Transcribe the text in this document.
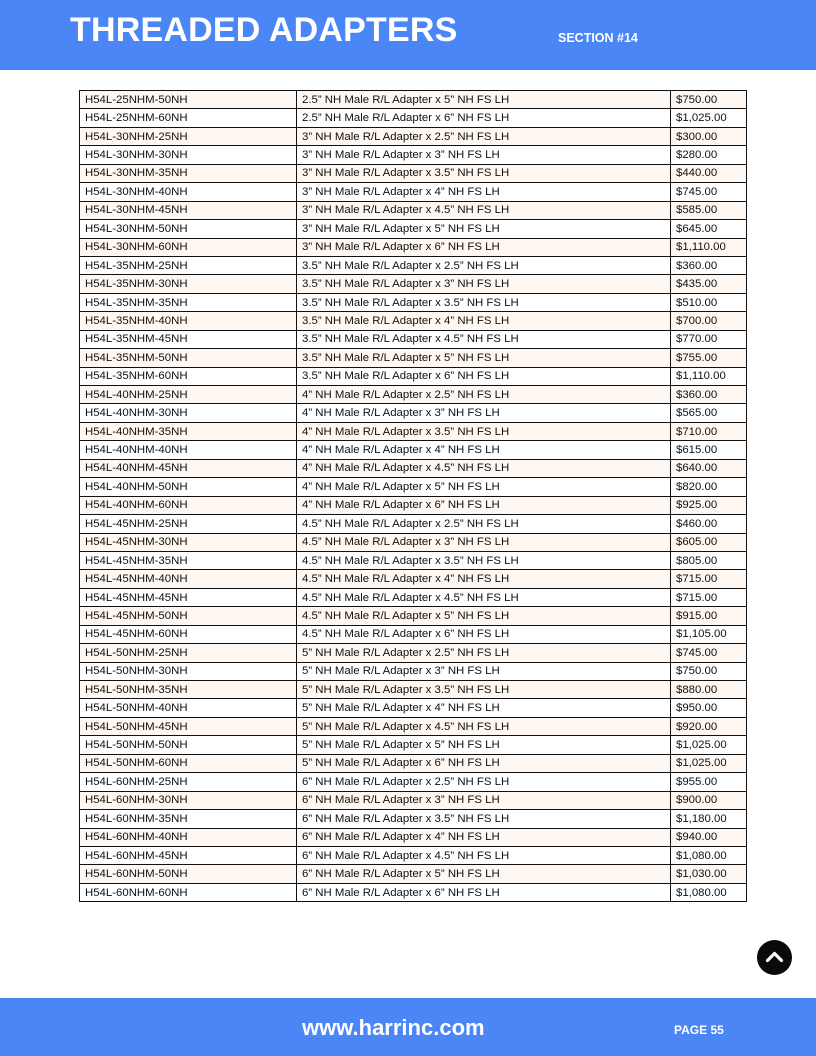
THREADED ADAPTERS	SECTION #14
H54L-25NHM-50NH	2.5” NH Male R/L Adapter x 5” NH FS LH	$750.00
H54L-25NHM-60NH	2.5” NH Male R/L Adapter x 6” NH FS LH	$1,025.00
H54L-30NHM-25NH	3” NH Male R/L Adapter x 2.5” NH FS LH	$300.00
H54L-30NHM-30NH	3” NH Male R/L Adapter x 3” NH FS LH	$280.00
H54L-30NHM-35NH	3” NH Male R/L Adapter x 3.5” NH FS LH	$440.00
H54L-30NHM-40NH	3” NH Male R/L Adapter x 4” NH FS LH	$745.00
H54L-30NHM-45NH	3” NH Male R/L Adapter x 4.5” NH FS LH	$585.00
H54L-30NHM-50NH	3” NH Male R/L Adapter x 5” NH FS LH	$645.00
H54L-30NHM-60NH	3” NH Male R/L Adapter x 6” NH FS LH	$1,110.00
H54L-35NHM-25NH	3.5” NH Male R/L Adapter x 2.5” NH FS LH	$360.00
H54L-35NHM-30NH	3.5” NH Male R/L Adapter x 3” NH FS LH	$435.00
H54L-35NHM-35NH	3.5” NH Male R/L Adapter x 3.5” NH FS LH	$510.00
H54L-35NHM-40NH	3.5” NH Male R/L Adapter x 4” NH FS LH	$700.00
H54L-35NHM-45NH	3.5” NH Male R/L Adapter x 4.5” NH FS LH	$770.00
H54L-35NHM-50NH	3.5” NH Male R/L Adapter x 5” NH FS LH	$755.00
H54L-35NHM-60NH	3.5” NH Male R/L Adapter x 6” NH FS LH	$1,110.00
H54L-40NHM-25NH	4” NH Male R/L Adapter x 2.5” NH FS LH	$360.00
H54L-40NHM-30NH	4” NH Male R/L Adapter x 3” NH FS LH	$565.00
H54L-40NHM-35NH	4” NH Male R/L Adapter x 3.5” NH FS LH	$710.00
H54L-40NHM-40NH	4” NH Male R/L Adapter x 4” NH FS LH	$615.00
H54L-40NHM-45NH	4” NH Male R/L Adapter x 4.5” NH FS LH	$640.00
H54L-40NHM-50NH	4” NH Male R/L Adapter x 5” NH FS LH	$820.00
H54L-40NHM-60NH	4” NH Male R/L Adapter x 6” NH FS LH	$925.00
H54L-45NHM-25NH	4.5” NH Male R/L Adapter x 2.5” NH FS LH	$460.00
H54L-45NHM-30NH	4.5” NH Male R/L Adapter x 3” NH FS LH	$605.00
H54L-45NHM-35NH	4.5” NH Male R/L Adapter x 3.5” NH FS LH	$805.00
H54L-45NHM-40NH	4.5” NH Male R/L Adapter x 4” NH FS LH	$715.00
H54L-45NHM-45NH	4.5” NH Male R/L Adapter x 4.5” NH FS LH	$715.00
H54L-45NHM-50NH	4.5” NH Male R/L Adapter x 5” NH FS LH	$915.00
H54L-45NHM-60NH	4.5” NH Male R/L Adapter x 6” NH FS LH	$1,105.00
H54L-50NHM-25NH	5” NH Male R/L Adapter x 2.5” NH FS LH	$745.00
H54L-50NHM-30NH	5” NH Male R/L Adapter x 3” NH FS LH	$750.00
H54L-50NHM-35NH	5” NH Male R/L Adapter x 3.5” NH FS LH	$880.00
H54L-50NHM-40NH	5” NH Male R/L Adapter x 4” NH FS LH	$950.00
H54L-50NHM-45NH	5” NH Male R/L Adapter x 4.5” NH FS LH	$920.00
H54L-50NHM-50NH	5” NH Male R/L Adapter x 5” NH FS LH	$1,025.00
H54L-50NHM-60NH	5” NH Male R/L Adapter x 6” NH FS LH	$1,025.00
H54L-60NHM-25NH	6” NH Male R/L Adapter x 2.5” NH FS LH	$955.00
H54L-60NHM-30NH	6” NH Male R/L Adapter x 3” NH FS LH	$900.00
H54L-60NHM-35NH	6” NH Male R/L Adapter x 3.5” NH FS LH	$1,180.00
H54L-60NHM-40NH	6” NH Male R/L Adapter x 4” NH FS LH	$940.00
H54L-60NHM-45NH	6” NH Male R/L Adapter x 4.5” NH FS LH	$1,080.00
H54L-60NHM-50NH	6” NH Male R/L Adapter x 5” NH FS LH	$1,030.00
H54L-60NHM-60NH	6” NH Male R/L Adapter x 6” NH FS LH	$1,080.00
www.harrinc.com	PAGE 55
